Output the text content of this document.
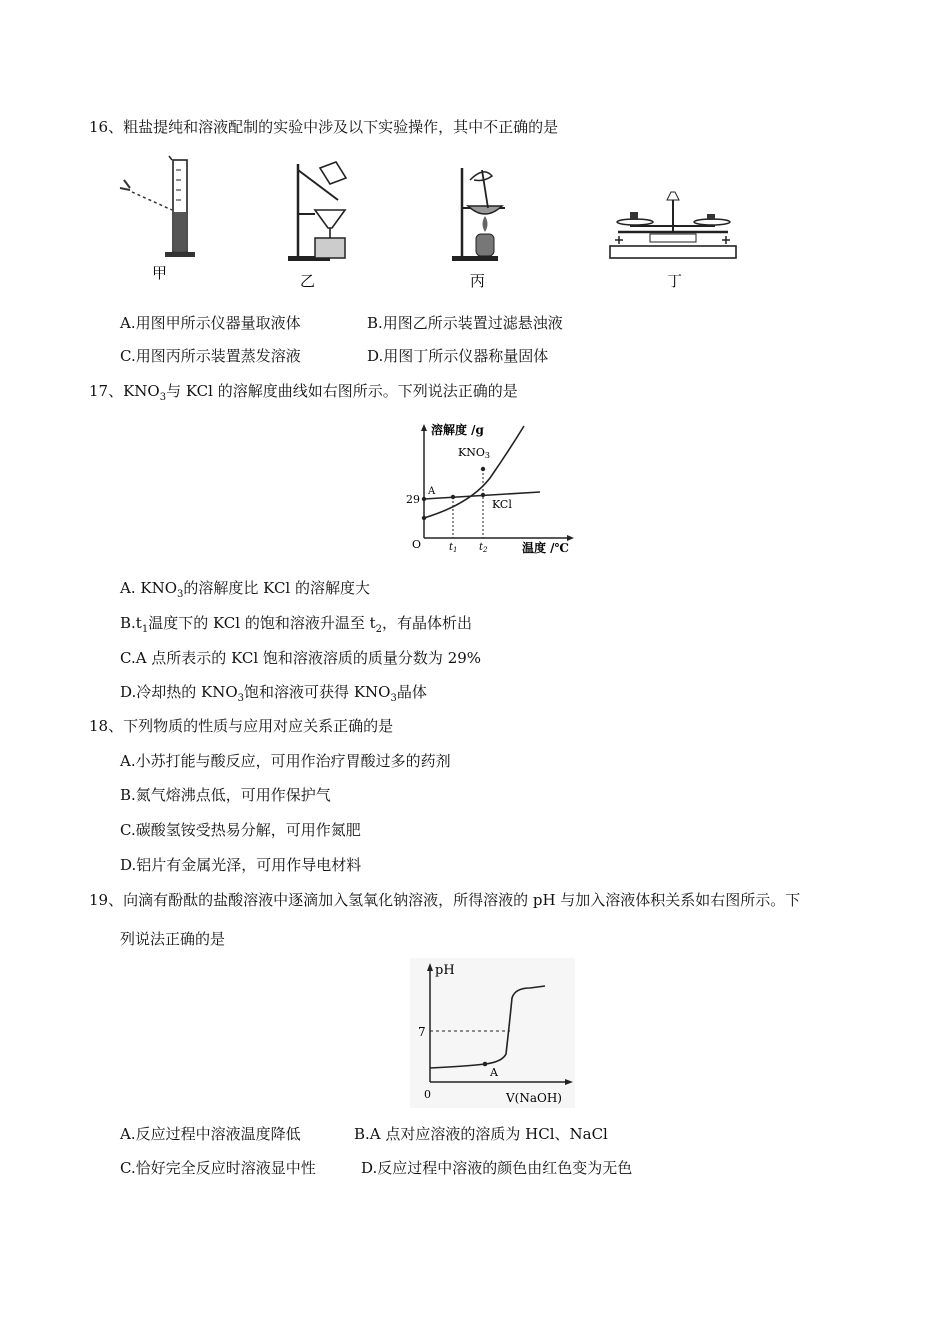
16、粗盐提纯和溶液配制的实验中涉及以下实验操作，其中不正确的是
甲	乙	丙	丁
A.用图甲所示仪器量取液体	B.用图乙所示装置过滤悬浊液
C.用图丙所示装置蒸发溶液	D.用图丁所示仪器称量固体
17、$KNO_3$与 KCl 的溶解度曲线如右图所示。下列说法正确的是
溶解度 /g
温度 /℃
O
29
A
$t_1$ $t_2$
KNO3
KCl
A. $KNO_3$的溶解度比 KCl 的溶解度大
$B.t_1$温度下的 KCl 的饱和溶液升温至 $t_2$，有晶体析出
C.A 点所表示的 KCl 饱和溶液溶质的质量分数为 29%
D.冷却热的 $KNO_3$饱和溶液可获得 $KNO_3$晶体
18、下列物质的性质与应用对应关系正确的是
A.小苏打能与酸反应，可用作治疗胃酸过多的药剂
B.氮气熔沸点低，可用作保护气
C.碳酸氢铵受热易分解，可用作氮肥
D.铝片有金属光泽，可用作导电材料
19、向滴有酚酞的盐酸溶液中逐滴加入氢氧化钠溶液，所得溶液的 pH 与加入溶液体积关系如右图所示。下
列说法正确的是
pH
V(NaOH)
0
7
A
A.反应过程中溶液温度降低	B.A 点对应溶液的溶质为 HCl、NaCl
C.恰好完全反应时溶液显中性	D.反应过程中溶液的颜色由红色变为无色
